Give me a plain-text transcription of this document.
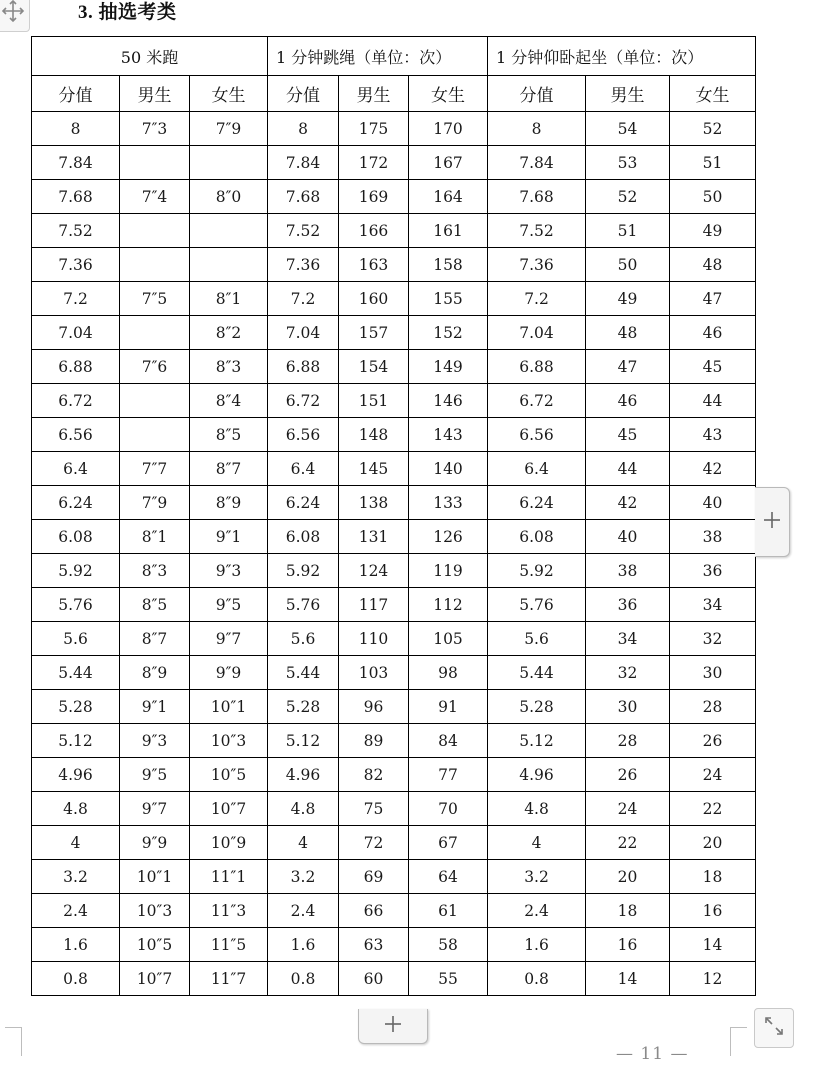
3. 抽选考类
50 米跑			1 分钟跳绳（单位：次）			1 分钟仰卧起坐（单位：次）		
分值	男生	女生	分值	男生	女生	分值	男生	女生
8	7″3	7″9	8	175	170	8	54	52
7.84			7.84	172	167	7.84	53	51
7.68	7″4	8″0	7.68	169	164	7.68	52	50
7.52			7.52	166	161	7.52	51	49
7.36			7.36	163	158	7.36	50	48
7.2	7″5	8″1	7.2	160	155	7.2	49	47
7.04		8″2	7.04	157	152	7.04	48	46
6.88	7″6	8″3	6.88	154	149	6.88	47	45
6.72		8″4	6.72	151	146	6.72	46	44
6.56		8″5	6.56	148	143	6.56	45	43
6.4	7″7	8″7	6.4	145	140	6.4	44	42
6.24	7″9	8″9	6.24	138	133	6.24	42	40
6.08	8″1	9″1	6.08	131	126	6.08	40	38
5.92	8″3	9″3	5.92	124	119	5.92	38	36
5.76	8″5	9″5	5.76	117	112	5.76	36	34
5.6	8″7	9″7	5.6	110	105	5.6	34	32
5.44	8″9	9″9	5.44	103	98	5.44	32	30
5.28	9″1	10″1	5.28	96	91	5.28	30	28
5.12	9″3	10″3	5.12	89	84	5.12	28	26
4.96	9″5	10″5	4.96	82	77	4.96	26	24
4.8	9″7	10″7	4.8	75	70	4.8	24	22
4	9″9	10″9	4	72	67	4	22	20
3.2	10″1	11″1	3.2	69	64	3.2	20	18
2.4	10″3	11″3	2.4	66	61	2.4	18	16
1.6	10″5	11″5	1.6	63	58	1.6	16	14
0.8	10″7	11″7	0.8	60	55	0.8	14	12
— 11 —
